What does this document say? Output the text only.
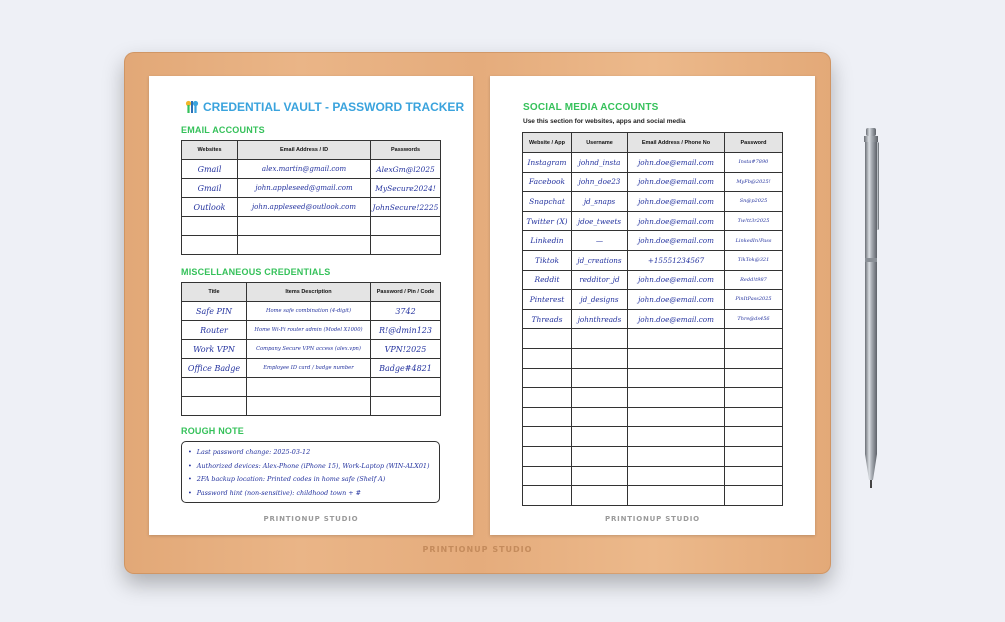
PRINTIONUP STUDIO
CREDENTIAL VAULT - PASSWORD TRACKER
EMAIL ACCOUNTS
Websites	Email Address / ID	Passwords
Gmail	alex.martin@gmail.com	AlexGm@l2025
Gmail	john.appleseed@gmail.com	MySecure2024!
Outlook	john.appleseed@outlook.com	JohnSecure!2225

MISCELLANEOUS CREDENTIALS
Title	Items Description	Password / Pin / Code
Safe PIN	Home safe combination (4-digit)	3742
Router	Home Wi-Fi router admin (Model X1000)	R!@dmin123
Work VPN	Company Secure VPN access (alex.vpn)	VPN!2025
Office Badge	Employee ID card / badge number	Badge#4821

ROUGH NOTE
• Last password change: 2025-03-12
• Authorized devices: Alex-Phone (iPhone 15), Work-Laptop (WIN-ALX01)
• 2FA backup location: Printed codes in home safe (Shelf A)
• Password hint (non-sensitive): childhood town + #
PRINTIONUP STUDIO
SOCIAL MEDIA ACCOUNTS
Use this section for websites, apps and social media
Website / App	Username	Email Address / Phone No	Password
Instagram	johnd_insta	john.doe@email.com	Insta#7890
Facebook	john_doe23	john.doe@email.com	MyFb@2025!
Snapchat	jd_snaps	john.doe@email.com	Sn@p2025
Twitter (X)	jdoe_tweets	john.doe@email.com	Tw!tt3r2025
Linkedin	—	john.doe@email.com	LinkedIn!Pass
Tiktok	jd_creations	+15551234567	TikTok@321
Reddit	redditor_jd	john.doe@email.com	Redd!t987
Pinterest	jd_designs	john.doe@email.com	PinItPass2025
Threads	johnthreads	john.doe@email.com	Thre@ds456

PRINTIONUP STUDIO
